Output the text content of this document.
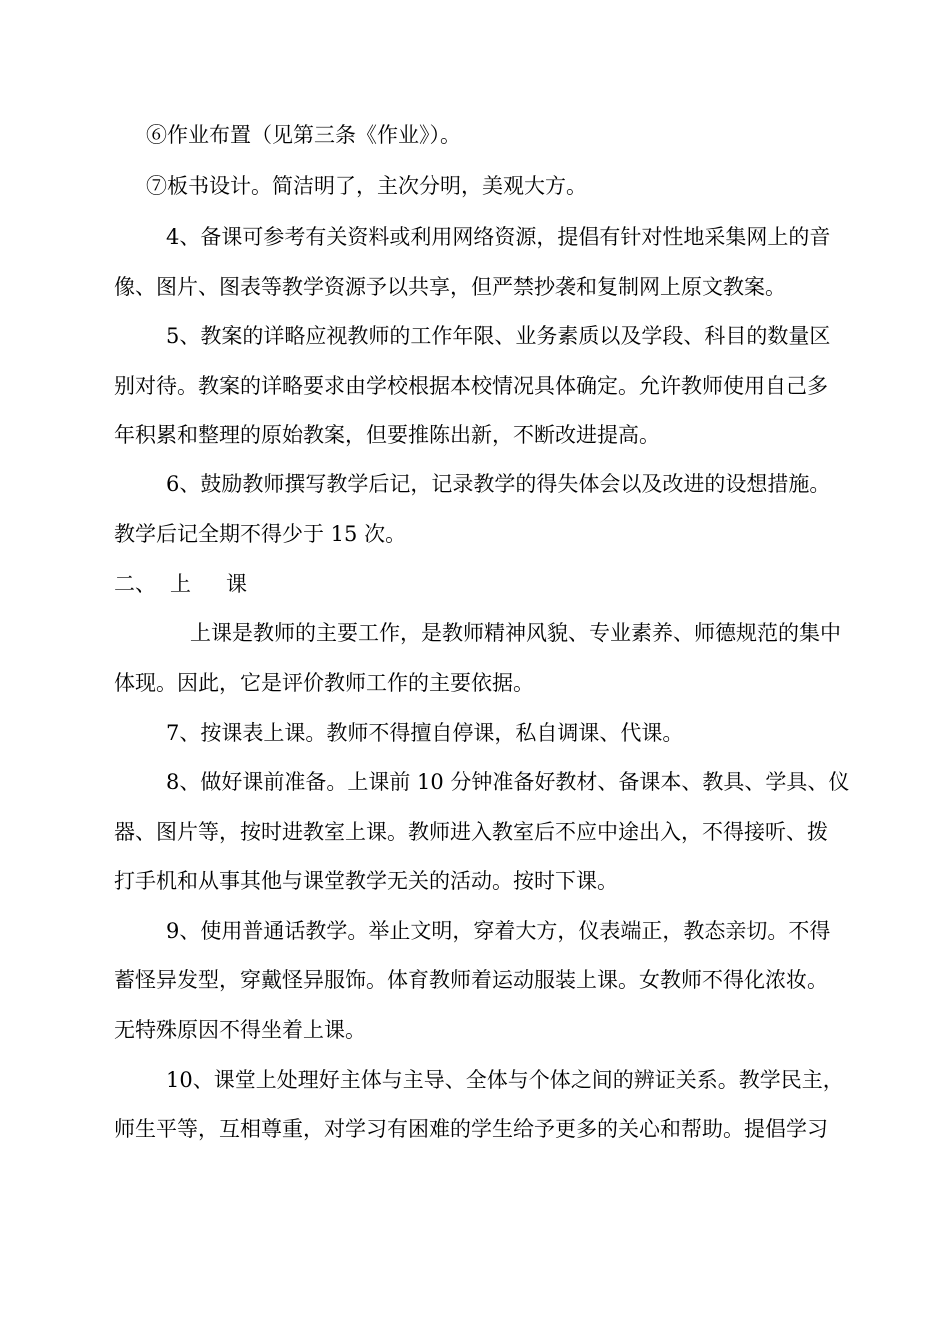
⑥作业布置（见第三条《作业》）。
⑦板书设计。简洁明了，主次分明，美观大方。
4、备课可参考有关资料或利用网络资源，提倡有针对性地采集网上的音
像、图片、图表等教学资源予以共享，但严禁抄袭和复制网上原文教案。
5、教案的详略应视教师的工作年限、业务素质以及学段、科目的数量区
别对待。教案的详略要求由学校根据本校情况具体确定。允许教师使用自己多
年积累和整理的原始教案，但要推陈出新，不断改进提高。
6、鼓励教师撰写教学后记，记录教学的得失体会以及改进的设想措施。
教学后记全期不得少于 15 次。
二、 上 课
上课是教师的主要工作，是教师精神风貌、专业素养、师德规范的集中
体现。因此，它是评价教师工作的主要依据。
7、按课表上课。教师不得擅自停课，私自调课、代课。
8、做好课前准备。上课前 10 分钟准备好教材、备课本、教具、学具、仪
器、图片等，按时进教室上课。教师进入教室后不应中途出入，不得接听、拨
打手机和从事其他与课堂教学无关的活动。按时下课。
9、使用普通话教学。举止文明，穿着大方，仪表端正，教态亲切。不得
蓄怪异发型，穿戴怪异服饰。体育教师着运动服装上课。女教师不得化浓妆。
无特殊原因不得坐着上课。
10、课堂上处理好主体与主导、全体与个体之间的辨证关系。教学民主，
师生平等，互相尊重，对学习有困难的学生给予更多的关心和帮助。提倡学习
